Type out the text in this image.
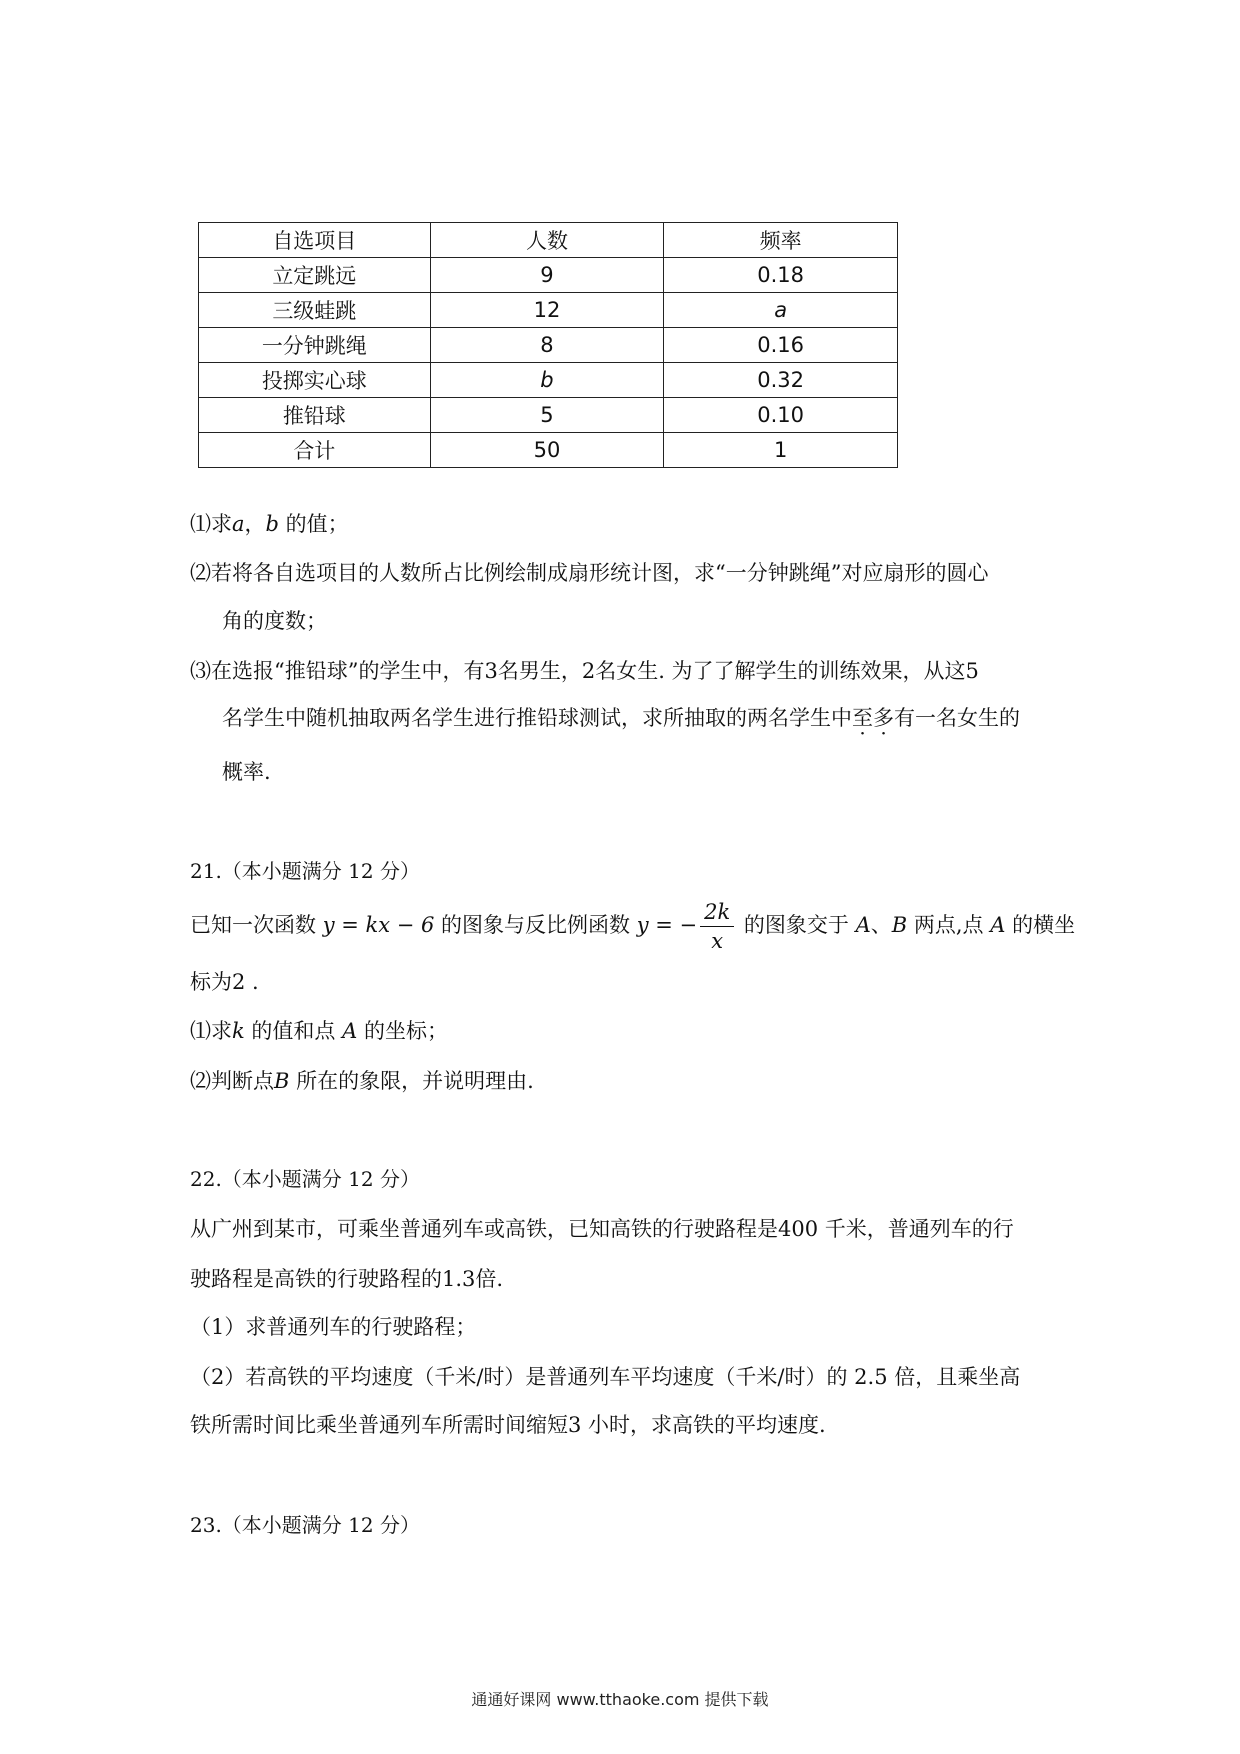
自选项目	人数	频率
立定跳远	9	0.18
三级蛙跳	12	a
一分钟跳绳	8	0.16
投掷实心球	b	0.32
推铅球	5	0.10
合计	50	1
⑴求a，b 的值；
⑵若将各自选项目的人数所占比例绘制成扇形统计图，求“一分钟跳绳”对应扇形的圆心
角的度数；
⑶在选报“推铅球”的学生中，有3名男生，2名女生. 为了了解学生的训练效果，从这5
名学生中随机抽取两名学生进行推铅球测试，求所抽取的两名学生中至多有一名女生的
概率.
21.（本小题满分 12 分）
已知一次函数 y = kx − 6 的图象与反比例函数 y = − $\frac{2k}{x}$ 的图象交于 A、B 两点,点 A 的横坐
标为2 .
⑴求k 的值和点 A 的坐标；
⑵判断点B 所在的象限，并说明理由.
22.（本小题满分 12 分）
从广州到某市，可乘坐普通列车或高铁，已知高铁的行驶路程是400 千米，普通列车的行
驶路程是高铁的行驶路程的1.3倍.
（1）求普通列车的行驶路程；
（2）若高铁的平均速度（千米/时）是普通列车平均速度（千米/时）的 2.5 倍，且乘坐高
铁所需时间比乘坐普通列车所需时间缩短3 小时，求高铁的平均速度.
23.（本小题满分 12 分）
通通好课网 www.tthaoke.com 提供下载
